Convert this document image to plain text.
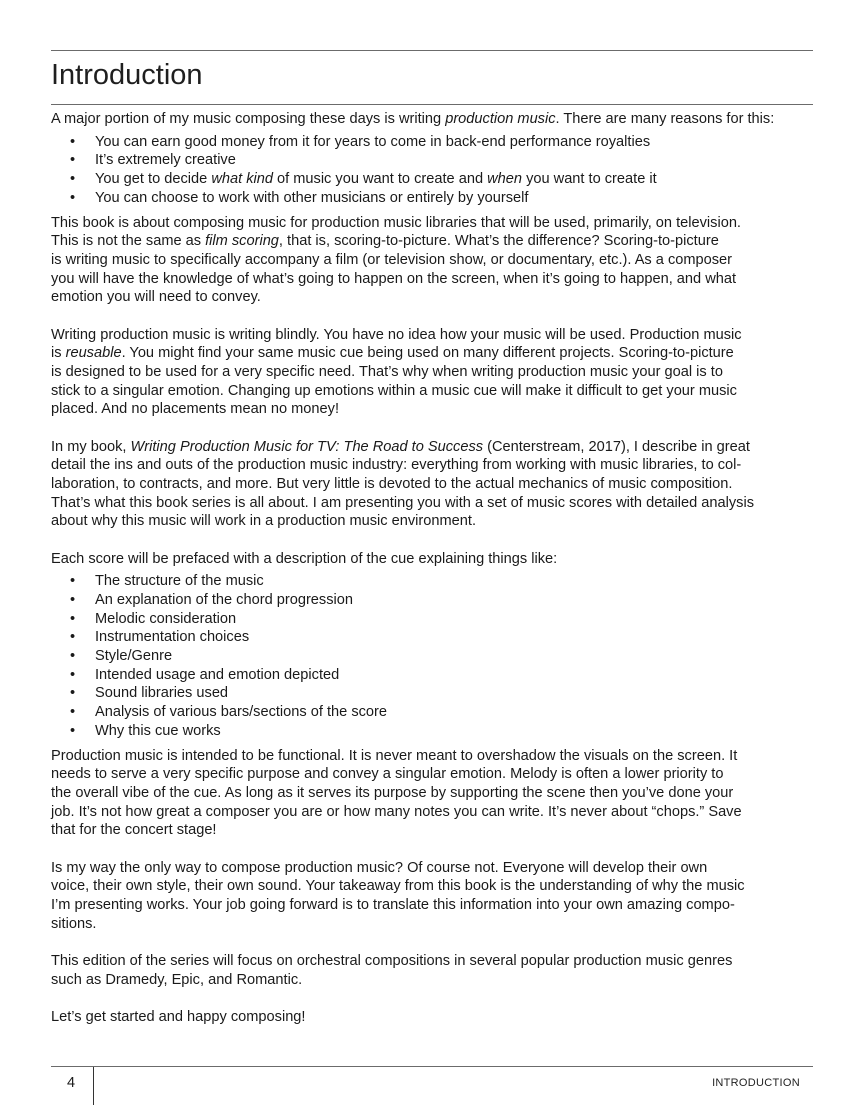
Introduction

A major portion of my music composing these days is writing production music. There are many reasons for this:

• You can earn good money from it for years to come in back-end performance royalties
• It’s extremely creative
• You get to decide what kind of music you want to create and when you want to create it
• You can choose to work with other musicians or entirely by yourself

This book is about composing music for production music libraries that will be used, primarily, on television.
This is not the same as film scoring, that is, scoring-to-picture. What’s the difference? Scoring-to-picture
is writing music to specifically accompany a film (or television show, or documentary, etc.). As a composer
you will have the knowledge of what’s going to happen on the screen, when it’s going to happen, and what
emotion you will need to convey.

Writing production music is writing blindly. You have no idea how your music will be used. Production music
is reusable. You might find your same music cue being used on many different projects. Scoring-to-picture
is designed to be used for a very specific need. That’s why when writing production music your goal is to
stick to a singular emotion. Changing up emotions within a music cue will make it difficult to get your music
placed. And no placements mean no money!

In my book, Writing Production Music for TV: The Road to Success (Centerstream, 2017), I describe in great
detail the ins and outs of the production music industry: everything from working with music libraries, to col-
laboration, to contracts, and more. But very little is devoted to the actual mechanics of music composition.
That’s what this book series is all about. I am presenting you with a set of music scores with detailed analysis
about why this music will work in a production music environment.

Each score will be prefaced with a description of the cue explaining things like:

• The structure of the music
• An explanation of the chord progression
• Melodic consideration
• Instrumentation choices
• Style/Genre
• Intended usage and emotion depicted
• Sound libraries used
• Analysis of various bars/sections of the score
• Why this cue works

Production music is intended to be functional. It is never meant to overshadow the visuals on the screen. It
needs to serve a very specific purpose and convey a singular emotion. Melody is often a lower priority to
the overall vibe of the cue. As long as it serves its purpose by supporting the scene then you’ve done your
job. It’s not how great a composer you are or how many notes you can write. It’s never about “chops.” Save
that for the concert stage!

Is my way the only way to compose production music? Of course not. Everyone will develop their own
voice, their own style, their own sound. Your takeaway from this book is the understanding of why the music
I’m presenting works. Your job going forward is to translate this information into your own amazing compo-
sitions.

This edition of the series will focus on orchestral compositions in several popular production music genres
such as Dramedy, Epic, and Romantic.

Let’s get started and happy composing!

4	INTRODUCTION
